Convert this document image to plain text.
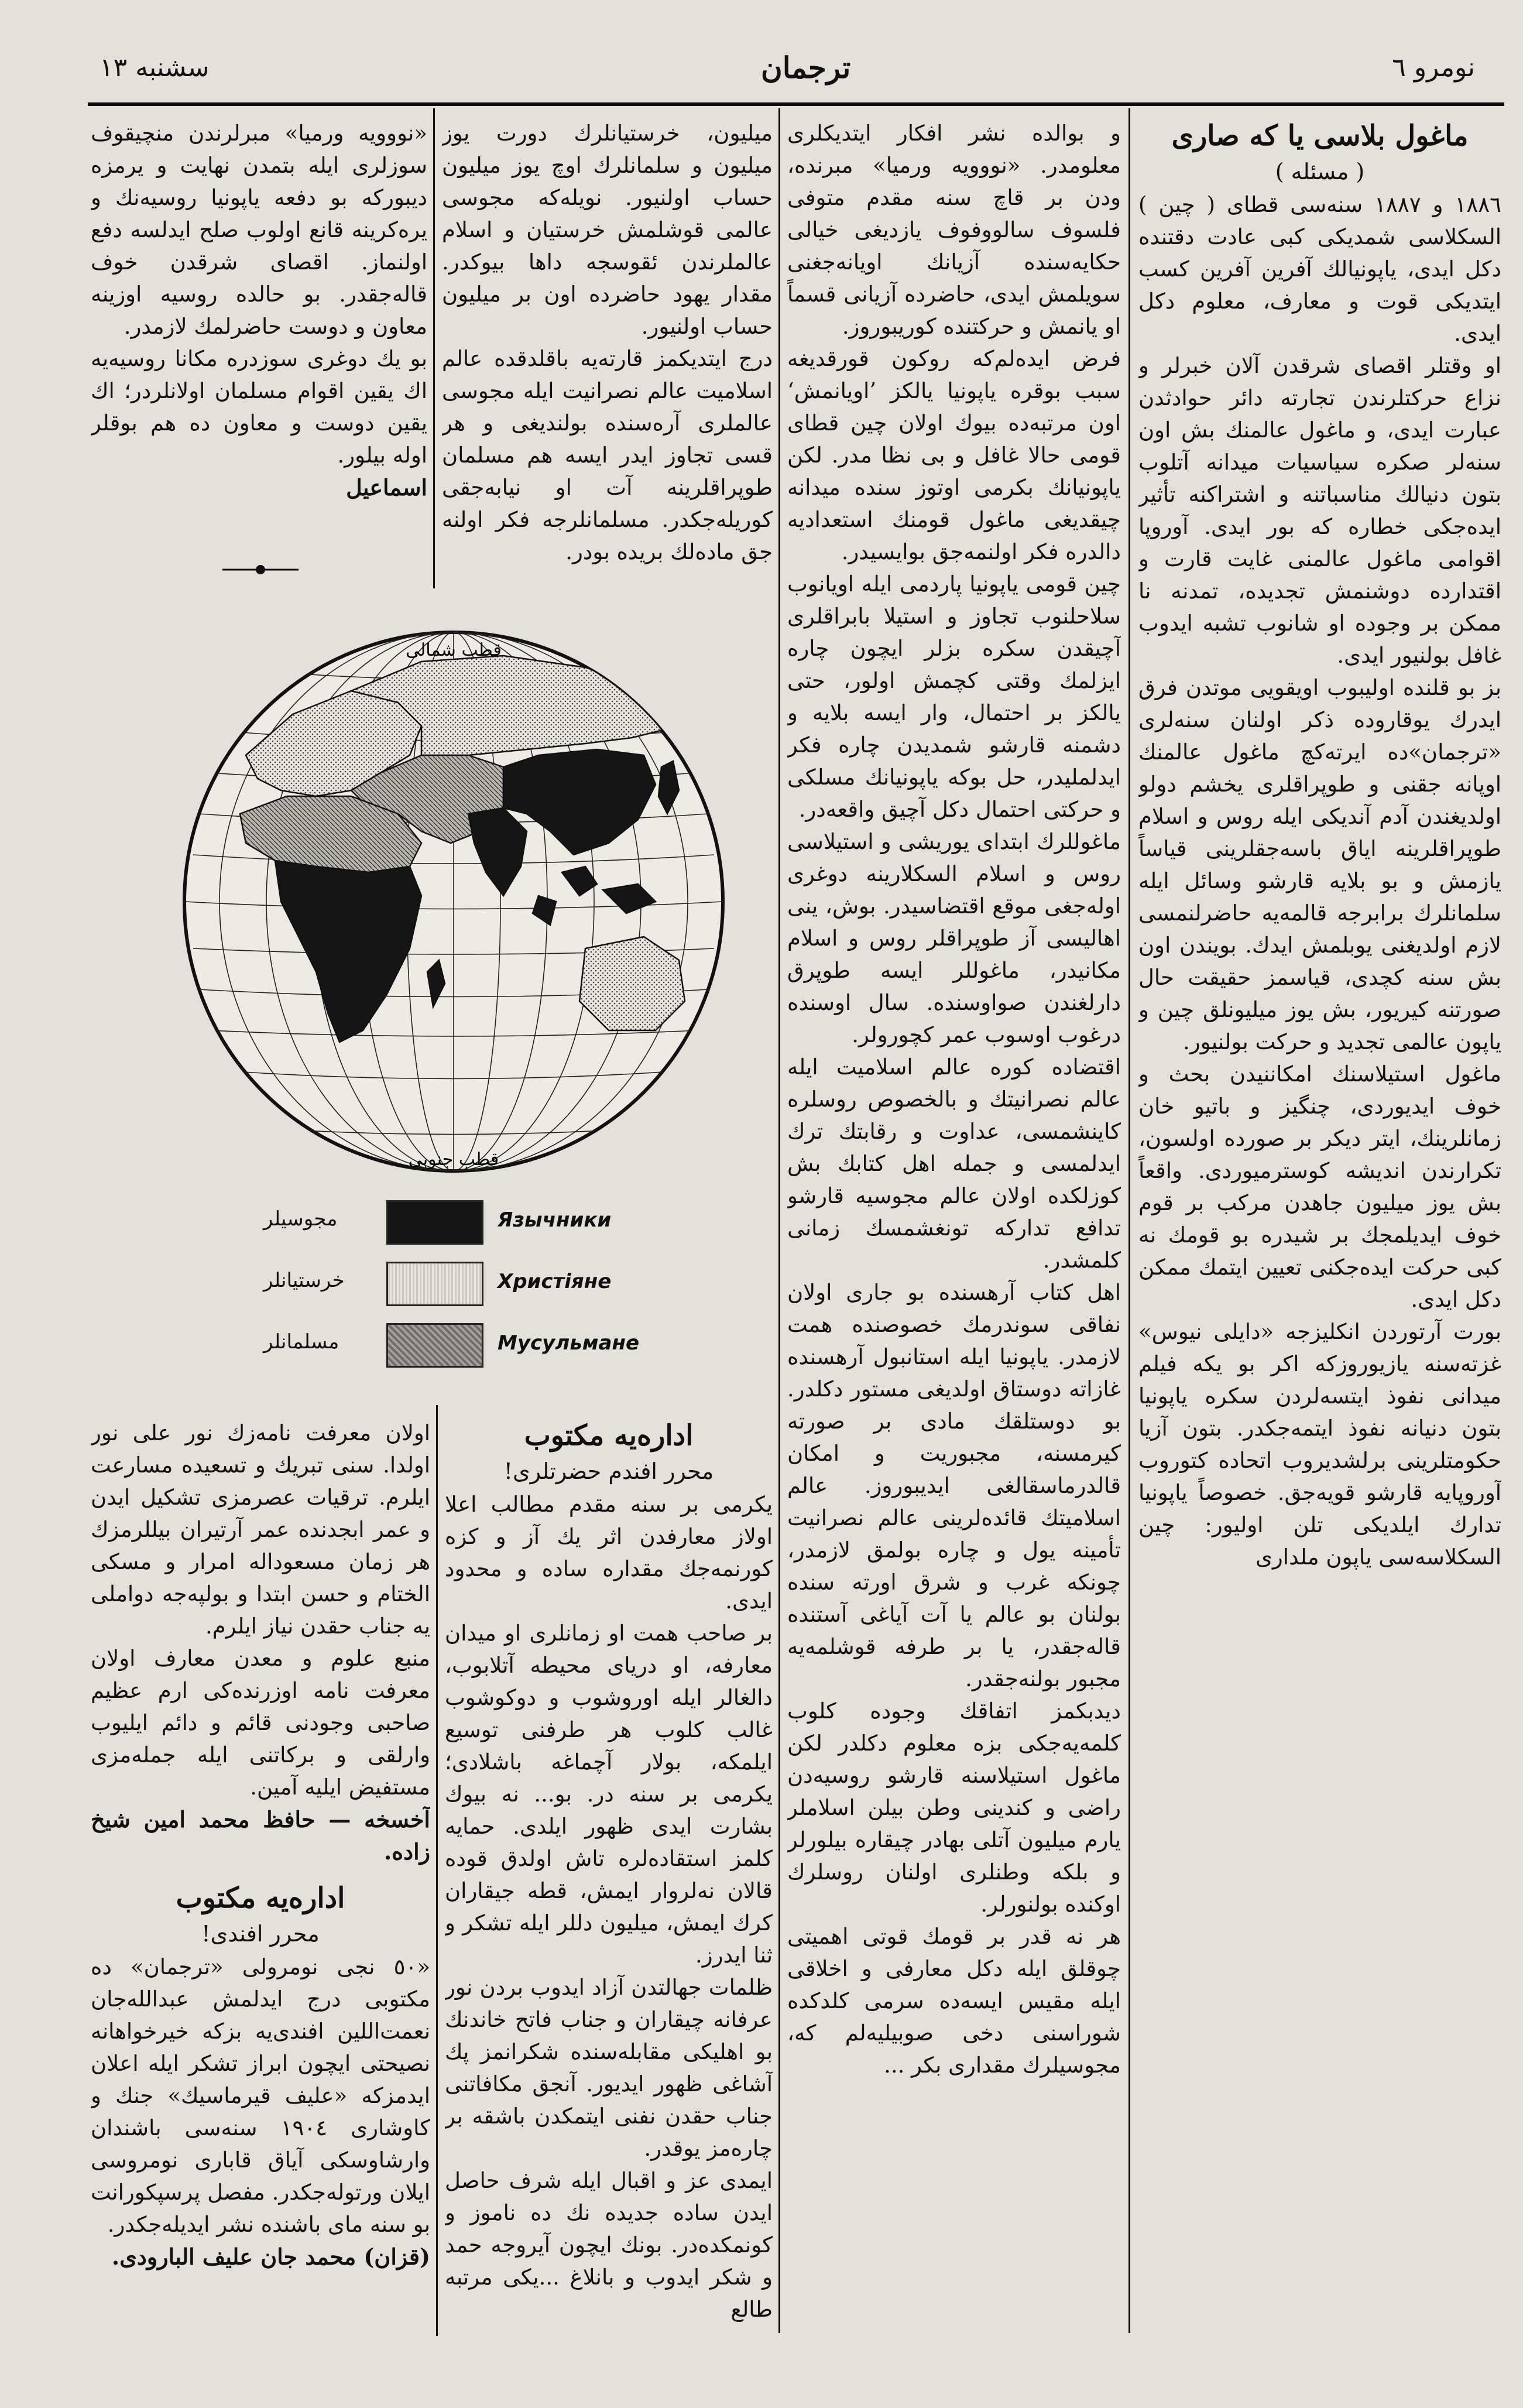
سشنبه ١٣	ترجمان	نومرو ٦
ماغول بلاسى يا كه صارى
( مسئله )

١٨٨٦ و ١٨٨٧ سنه‌سى قطاى ( چين ) السكلاسى شمديكى كبى عادت دقتنده دكل ايدى، ياپونيالك آفرين آفرين كسب ايتديكى قوت و معارف، معلوم دكل ايدى.

او وقتلر اقصاى شرقدن آلان خبرلر و نزاع حركتلرندن تجارته دائر حوادثدن عبارت ايدى، و ماغول عالمنك بش اون سنه‌لر صكره سياسيات ميدانه آتلوب بتون دنيالك مناسباتنه و اشتراكنه تأثير ايده‌جكى خطاره كه بور ايدى. آوروپا اقوامى ماغول عالمنى غايت قارت و اقتدارده دوشنمش تجديده، تمدنه نا ممكن بر وجوده او شانوب تشبه ايدوب غافل بولنيور ايدى.

بز بو قلنده اوليبوب اويقويى موتدن فرق ايدرك يوقاروده ذكر اولنان سنه‌لرى «ترجمان»ده ايرته‌كچ ماغول عالمنك اوپانه جقنى و طوپراقلرى يخشم دولو اولديغندن آدم آنديكى ايله روس و اسلام طوپراقلرينه اياق باسه‌جقلرينى قياساً يازمش و بو بلايه قارشو وسائل ايله سلمانلرك برابرجه قالمه‌يه حاضرلنمسى لازم اولديغنى يوبلمش ايدك. بويندن اون بش سنه كچدى، قياسمز حقيقت حال صورتنه كيريور، بش يوز ميليونلق چين و ياپون عالمى تجديد و حركت بولنيور.

ماغول استيلاسنك امكاننيدن بحث و خوف ايديوردى، چنگيز و باتيو خان زمانلرينك، ايتر ديكر بر صورده اولسون، تكرارندن انديشه كوسترمیوردى. واقعاً بش يوز ميليون جاهدن مركب بر قوم خوف ايديلمجك بر شيدره بو قومك نه كبى حركت ايده‌جكنى تعيين ايتمك ممكن دكل ايدى.

بورت آرتوردن انكليزجه «دايلى نيوس» غزته‌سنه يازيوروزكه اكر بو يكه فيلم ميدانى نفوذ ايتسه‌لردن سكره ياپونيا بتون دنيانه نفوذ ايتمه‌جكدر. بتون آزيا حكومتلرينى برلشديروب اتحاده كتوروب آوروپايه قارشو قويه‌جق. خصوصاً ياپونيا تدارك ايلديكى تلن اوليور: چين السكلاسه‌سى ياپون ملدارى

و بوالده نشر افكار ايتديكلرى معلومدر. «نووويه ورميا» مبرنده، ودن بر قاچ سنه مقدم متوفى فلسوف سالووفوف يازديغى خيالى حكايه‌سنده آزيانك اويانه‌جغنى سويلمش ايدى، حاضرده آزيانى قسماً او يانمش و حركتنده كوريبوروز.

فرض ايدەلم‌كه روكون قورقديغه سبب بوقره ياپونيا يالكز ’اويانمش‘ اون مرتبه‌ده بيوك اولان چين قطاى قومى حالا غافل و بى نظا مدر. لكن ياپونيانك بكرمى اوتوز سنده ميدانه چيقديغى ماغول قومنك استعداديه دالدره فكر اولنمه‌جق بوايسيدر.

چين قومى ياپونيا پاردمى ايله اويانوب سلاحلنوب تجاوز و استيلا بابراقلرى آچيقدن سكره بزلر ايچون چاره ايزلمك وقتى كچمش اولور، حتى يالكز بر احتمال، وار ايسه بلايه و دشمنه قارشو شمديدن چاره فكر ايدلمليدر، حل بوكه ياپونيانك مسلكى و حركتى احتمال دكل آچيق واقعه‌در.

ماغوللرك ابتداى يوريشى و استيلاسى روس و اسلام السكلارينه دوغرى اوله‌جغى موقع اقتضاسيدر. بوش، ينى اهاليسى آز طوپراقلر روس و اسلام مكانيدر، ماغوللر ايسه طوپرق دارلغندن صواوسنده. سال اوسنده درغوب اوسوب عمر كچورولر.

اقتضاده كوره عالم اسلاميت ايله عالم نصرانيتك و بالخصوص روسلره كاينشمسى، عداوت و رقابتك ترك ايدلمسى و جمله اهل كتابك بش كوزلكده اولان عالم مجوسيه قارشو تدافع تداركه تونغشمسك زمانى كلمشدر.

اهل كتاب آرهسنده بو جارى اولان نفاقى سوندرمك خصوصنده همت لازمدر. ياپونيا ايله استانبول آرهسنده غازاته دوستاق اولديغى مستور دكلدر. بو دوستلقك مادى بر صورته كيرمسنه، مجبوريت و امكان قالدرماسقالغى ايديبوروز. عالم اسلاميتك قائده‌لرينى عالم نصرانيت تأمينه يول و چاره بولمق لازمدر، چونكه غرب و شرق اورته سنده بولنان بو عالم يا آت آياغى آستنده قالەجقدر، يا بر طرفه قوشلمه‌يه مجبور بولنه‌جقدر.

ديدبكمز اتفاقك وجوده كلوب كلمه‌يه‌جكى بزه معلوم دكلدر لكن ماغول استيلاسنه قارشو روسيه‌دن راضى و كندينى وطن بيلن اسلاملر يارم ميليون آتلى بهادر چيقاره بيلورلر و بلكه وطنلرى اولنان روسلرك اوكنده بولنورلر.

هر نه قدر بر قومك قوتى اهميتى چوقلق ايله دكل معارفى و اخلاقى ايله مقيس ايسه‌ده سرمى كلدكده شوراسنى دخى صوبيليەلم كه، مجوسيلرك مقدارى بكر ...

ميليون، خرستيانلرك دورت يوز ميليون و سلمانلرك اوچ يوز ميليون حساب اولنيور. نويله‌كه مجوسى عالمى قوشلمش خرستيان و اسلام عالملرندن ئقوسجه داها بيوكدر. مقدار يهود حاضرده اون بر ميليون حساب اولنيور.

درج ايتديكمز قارته‌يه باقلدقده عالم اسلاميت عالم نصرانيت ايله مجوسى عالملرى آرەسنده بولنديغى و هر قسى تجاوز ايدر ايسه هم مسلمان طوپراقلرينه آت او نيابه‌جقى كوريله‌جكدر. مسلمانلرجه فكر اولنه جق مادەلك بريده بودر.

«نووويه ورميا» مبرلرندن منچيقوف سوزلرى ايله بتمدن نهايت و يرمزه ديبوركه بو دفعه ياپونيا روسيه‌نك و يره‌كرينه قانع اولوب صلح ايدلسه دفع اولنماز. اقصاى شرقدن خوف قالەجقدر. بو حالده روسيه اوزينه معاون و دوست حاضرلمك لازمدر.

بو يك دوغرى سوزدره مكانا روسيه‌يه اك يقين اقوام مسلمان اولانلردر؛ اك يقين دوست و معاون ده هم بوقلر اوله بيلور.

اسماعيل
قطب شمالى
قطب جنوبى
مجوسيلر	Язычники
خرستيانلر	Христiяне
مسلمانلر	Мусульмане
اداره‌يه مكتوب
محرر افندم حضرتلرى!

يكرمى بر سنه مقدم مطالب اعلا اولاز معارفدن اثر يك آز و كزه كورنمه‌جك مقداره ساده و محدود ايدى.

بر صاحب همت او زمانلرى او ميدان معارفه، او درياى محيطه آتلابوب، دالغالر ايله اوروشوب و دوكوشوب غالب كلوب هر طرفنى توسيع ايلمكه، بولار آچماغه باشلادى؛ يكرمى بر سنه در. بو... نه بيوك بشارت ايدى ظهور ايلدى. حمايه كلمز استقاده‌لره تاش اولدق قوده قالان نه‌لروار ايمش، قطه جيقاران كرك ايمش، ميليون دللر ايله تشكر و ثنا ايدرز.

ظلمات جهالتدن آزاد ايدوب بردن نور عرفانه چيقاران و جناب فاتح خاندنك بو اهليكى مقابله‌سنده شكرانمز پك آشاغى ظهور ايديور. آنجق مكافاتنى جناب حقدن نفنى ايتمكدن باشقه بر چارەمز يوقدر.

ايمدى عز و اقبال ايله شرف حاصل ايدن سادە جديده نك ده ناموز و كونمكده‌در. بونك ايچون آيروجه حمد و شكر ايدوب و بانلاغ ...يكى مرتبه طالع

اولان معرفت نامه‌زك نور على نور اولدا. سنى تبريك و تسعيده مسارعت ايلرم. ترقيات عصرمزى تشكيل ايدن و عمر ابجدنده عمر آرتيران بيللرمزك هر زمان مسعوداله امرار و مسكى الختام و حسن ابتدا و بولپه‌جه دواملى يه جناب حقدن نياز ايلرم.

منبع علوم و معدن معارف اولان معرفت نامه اوزرندەكى ارم عظيم صاحبى وجودنى قائم و دائم ايليوب وارلقى و بركاتنى ايله جمله‌مزى مستفيض ايليه آمين.

آخسخه — حافظ محمد امين شيخ زاده.
اداره‌يه مكتوب
محرر افندى!

«٥٠ نجى نومرولى «ترجمان» ده مكتوبى درج ايدلمش عبدالله‌جان نعمت‌اللين افندى‌يه بزكه خيرخواهانه نصيحتى ايچون ابراز تشكر ايله اعلان ايدمزكه «عليف قيرماسيك» جنك و كاوشارى ١٩٠٤ سنه‌سى باشندان وارشاوسكى آياق قابارى نومروسى ايلان ورتوله‌جكدر. مفصل پرسپكورانت بو سنه ماى باشنده نشر ايديله‌جكدر.

(قزان) محمد جان عليف البارودى.
